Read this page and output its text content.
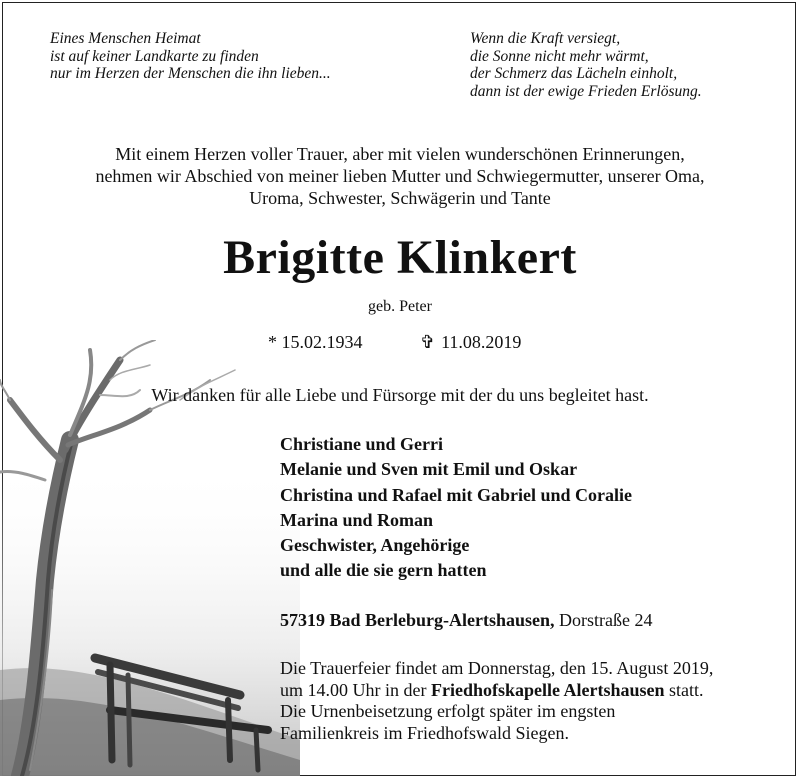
Eines Menschen Heimat
ist auf keiner Landkarte zu finden
nur im Herzen der Menschen die ihn lieben...
Wenn die Kraft versiegt,
die Sonne nicht mehr wärmt,
der Schmerz das Lächeln einholt,
dann ist der ewige Frieden Erlösung.
Mit einem Herzen voller Trauer, aber mit vielen wunderschönen Erinnerungen,
nehmen wir Abschied von meiner lieben Mutter und Schwiegermutter, unserer Oma,
Uroma, Schwester, Schwägerin und Tante
Brigitte Klinkert
geb. Peter
* 15.02.1934	✞ 11.08.2019
Wir danken für alle Liebe und Fürsorge mit der du uns begleitet hast.
Christiane und Gerri
Melanie und Sven mit Emil und Oskar
Christina und Rafael mit Gabriel und Coralie
Marina und Roman
Geschwister, Angehörige
und alle die sie gern hatten
57319 Bad Berleburg-Alertshausen, Dorstraße 24
Die Trauerfeier findet am Donnerstag, den 15. August 2019,
um 14.00 Uhr in der Friedhofskapelle Alertshausen statt.
Die Urnenbeisetzung erfolgt später im engsten
Familienkreis im Friedhofswald Siegen.
